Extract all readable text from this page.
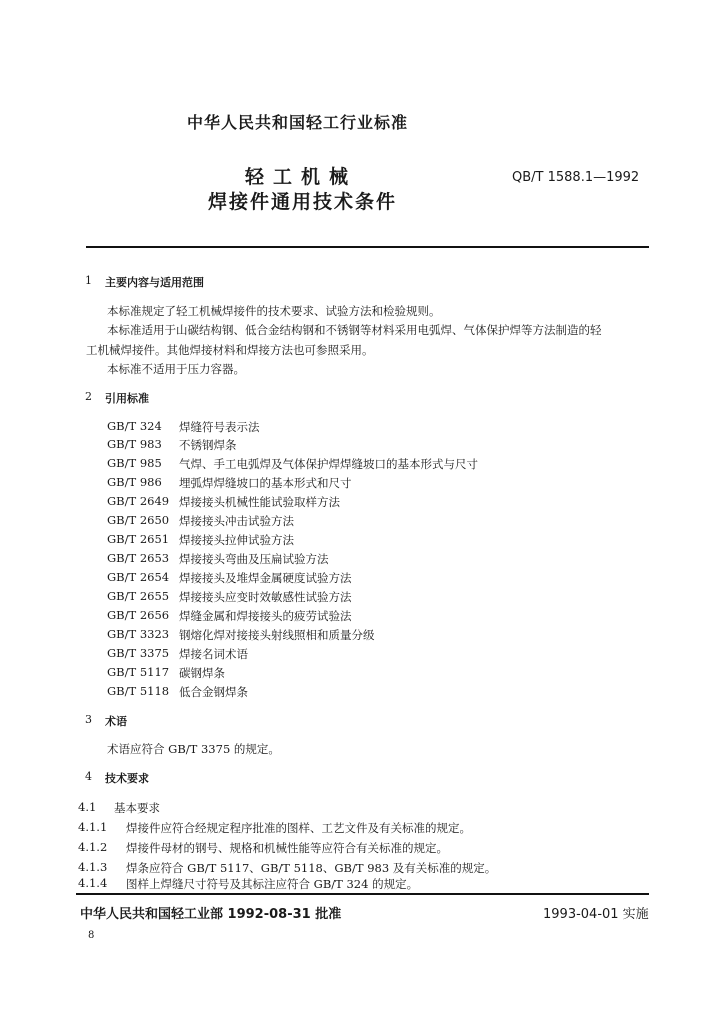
中华人民共和国轻工行业标准
轻工机械
焊接件通用技术条件
QB/T 1588.1—1992
1 主要内容与适用范围
本标准规定了轻工机械焊接件的技术要求、试验方法和检验规则。
本标准适用于山碳结构钢、低合金结构钢和不锈钢等材料采用电弧焊、气体保护焊等方法制造的轻
工机械焊接件。其他焊接材料和焊接方法也可参照采用。
本标准不适用于压力容器。
2 引用标准
GB/T 324 焊缝符号表示法
GB/T 983 不锈钢焊条
GB/T 985 气焊、手工电弧焊及气体保护焊焊缝坡口的基本形式与尺寸
GB/T 986 埋弧焊焊缝坡口的基本形式和尺寸
GB/T 2649 焊接接头机械性能试验取样方法
GB/T 2650 焊接接头冲击试验方法
GB/T 2651 焊接接头拉伸试验方法
GB/T 2653 焊接接头弯曲及压扁试验方法
GB/T 2654 焊接接头及堆焊金属硬度试验方法
GB/T 2655 焊接接头应变时效敏感性试验方法
GB/T 2656 焊缝金属和焊接接头的疲劳试验法
GB/T 3323 钢熔化焊对接接头射线照相和质量分级
GB/T 3375 焊接名词术语
GB/T 5117 碳钢焊条
GB/T 5118 低合金钢焊条
3 术语
术语应符合 GB/T 3375 的规定。
4 技术要求
4.1 基本要求
4.1.1 焊接件应符合经规定程序批准的图样、工艺文件及有关标准的规定。
4.1.2 焊接件母材的钢号、规格和机械性能等应符合有关标准的规定。
4.1.3 焊条应符合 GB/T 5117、GB/T 5118、GB/T 983 及有关标准的规定。
4.1.4 图样上焊缝尺寸符号及其标注应符合 GB/T 324 的规定。
中华人民共和国轻工业部 1992-08-31 批准	1993-04-01 实施
8
